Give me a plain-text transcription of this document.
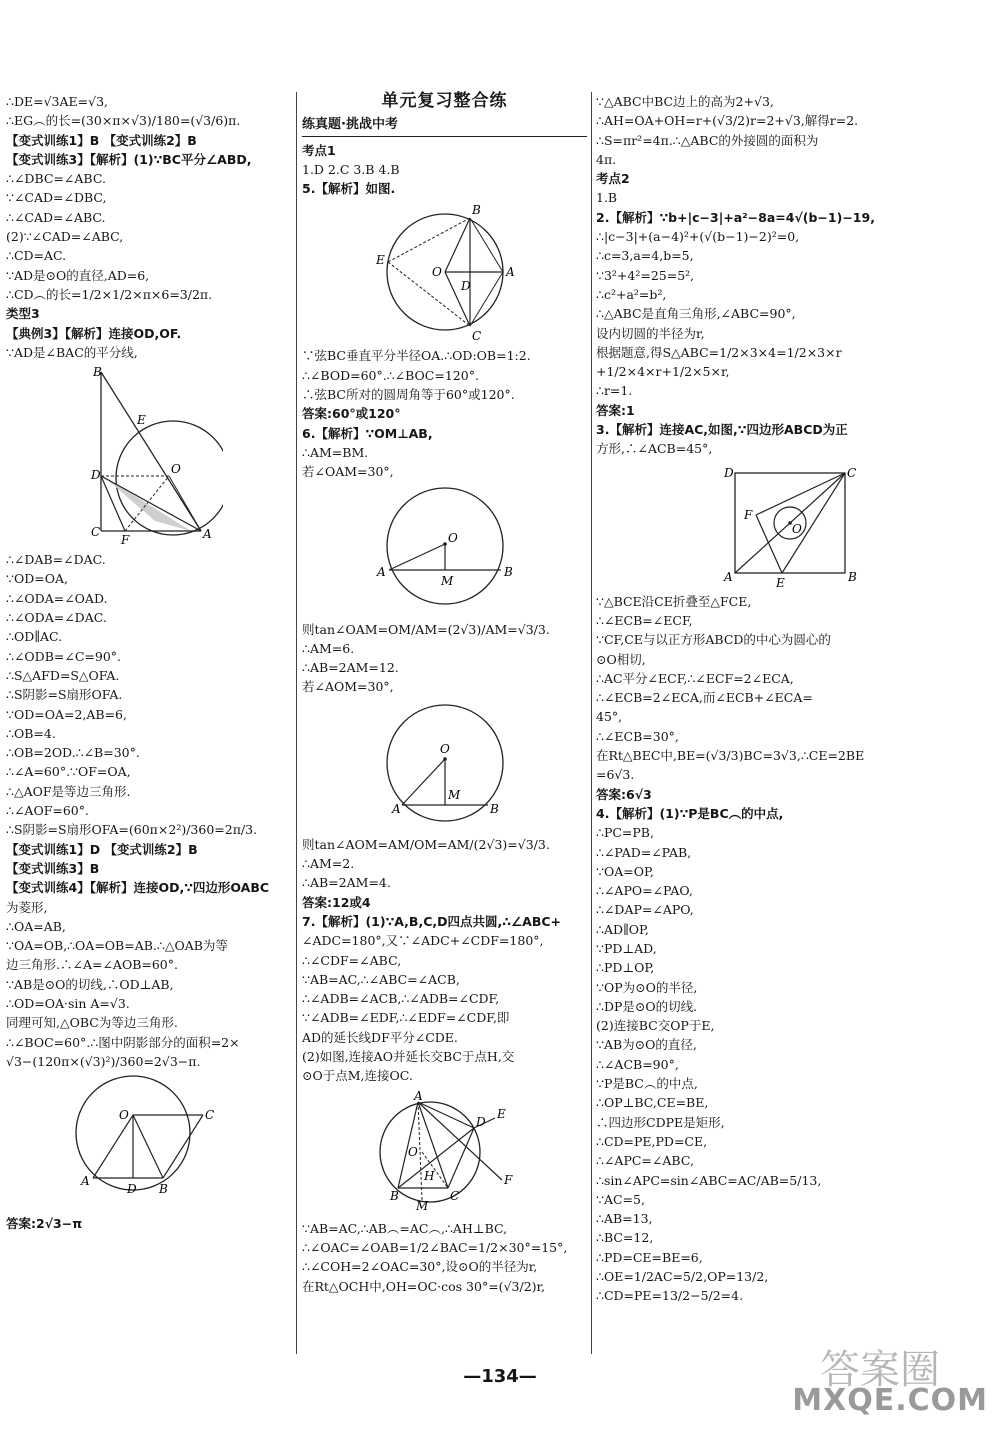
∴DE=√3AE=√3,
∴EG︵的长=(30×π×√3)/180=(√3/6)π.
【变式训练1】B 【变式训练2】B
【变式训练3】【解析】(1)∵BC平分∠ABD,
∴∠DBC=∠ABC.
∵∠CAD=∠DBC,
∴∠CAD=∠ABC.
(2)∵∠CAD=∠ABC,
∴CD=AC.
∵AD是⊙O的直径,AD=6,
∴CD︵的长=1/2×1/2×π×6=3/2π.
类型3
【典例3】【解析】连接OD,OF.
∵AD是∠BAC的平分线,
B
E
D	O
C
F	A
∴∠DAB=∠DAC.
∵OD=OA,
∴∠ODA=∠OAD.
∴∠ODA=∠DAC.
∴OD∥AC.
∴∠ODB=∠C=90°.
∴S△AFD=S△OFA.
∴S阴影=S扇形OFA.
∵OD=OA=2,AB=6,
∴OB=4.
∴OB=2OD.∴∠B=30°.
∴∠A=60°.∵OF=OA,
∴△AOF是等边三角形.
∴∠AOF=60°.
∴S阴影=S扇形OFA=(60π×2²)/360=2π/3.
【变式训练1】D 【变式训练2】B
【变式训练3】B
【变式训练4】【解析】连接OD,∵四边形OABC
为菱形,
∴OA=AB,
∵OA=OB,∴OA=OB=AB.∴△OAB为等
边三角形.∴∠A=∠AOB=60°.
∵AB是⊙O的切线,∴OD⊥AB,
∴OD=OA·sin A=√3.
同理可知,△OBC为等边三角形.
∴∠BOC=60°.∴图中阴影部分的面积=2×
√3−(120π×(√3)²)/360=2√3−π.
O	C
A
D B
答案:2√3−π
单元复习整合练
练真题·挑战中考
考点1
1.D 2.C 3.B 4.B
5.【解析】如图.
B
E
O
D
A
C
∵弦BC垂直平分半径OA.∴OD:OB=1:2.
∴∠BOD=60°.∴∠BOC=120°.
∴弦BC所对的圆周角等于60°或120°.
答案:60°或120°
6.【解析】∵OM⊥AB,
∴AM=BM.
若∠OAM=30°,
O
A
M
B
则tan∠OAM=OM/AM=(2√3)/AM=√3/3.
∴AM=6.
∴AB=2AM=12.
若∠AOM=30°,
O
A
M
B
则tan∠AOM=AM/OM=AM/(2√3)=√3/3.
∴AM=2.
∴AB=2AM=4.
答案:12或4
7.【解析】(1)∵A,B,C,D四点共圆,∴∠ABC+
∠ADC=180°,又∵∠ADC+∠CDF=180°,
∴∠CDF=∠ABC,
∵AB=AC,∴∠ABC=∠ACB,
∴∠ADB=∠ACB,∴∠ADB=∠CDF,
∵∠ADB=∠EDF,∴∠EDF=∠CDF,即
AD的延长线DF平分∠CDE.
(2)如图,连接AO并延长交BC于点H,交
⊙O于点M,连接OC.
A
D
E
F
O
H
B
M
C
∵AB=AC,∴AB︵=AC︵,∴AH⊥BC,
∴∠OAC=∠OAB=1/2∠BAC=1/2×30°=15°,
∴∠COH=2∠OAC=30°,设⊙O的半径为r,
在Rt△OCH中,OH=OC·cos 30°=(√3/2)r,
∵△ABC中BC边上的高为2+√3,
∴AH=OA+OH=r+(√3/2)r=2+√3,解得r=2.
∴S=πr²=4π.∴△ABC的外接圆的面积为
4π.
考点2
1.B
2.【解析】∵b+|c−3|+a²−8a=4√(b−1)−19,
∴|c−3|+(a−4)²+(√(b−1)−2)²=0,
∴c=3,a=4,b=5,
∵3²+4²=25=5²,
∴c²+a²=b²,
∴△ABC是直角三角形,∠ABC=90°,
设内切圆的半径为r,
根据题意,得S△ABC=1/2×3×4=1/2×3×r
+1/2×4×r+1/2×5×r,
∴r=1.
答案:1
3.【解析】连接AC,如图,∵四边形ABCD为正
方形,∴∠ACB=45°,
D	C
F
O
A	E	B
∵△BCE沿CE折叠至△FCE,
∴∠ECB=∠ECF,
∵CF,CE与以正方形ABCD的中心为圆心的
⊙O相切,
∴AC平分∠ECF,∴∠ECF=2∠ECA,
∴∠ECB=2∠ECA,而∠ECB+∠ECA=
45°,
∴∠ECB=30°,
在Rt△BEC中,BE=(√3/3)BC=3√3,∴CE=2BE
=6√3.
答案:6√3
4.【解析】(1)∵P是BC︵的中点,
∴PC=PB,
∴∠PAD=∠PAB,
∵OA=OP,
∴∠APO=∠PAO,
∴∠DAP=∠APO,
∴AD∥OP,
∵PD⊥AD,
∴PD⊥OP,
∵OP为⊙O的半径,
∴DP是⊙O的切线.
(2)连接BC交OP于E,
∵AB为⊙O的直径,
∴∠ACB=90°,
∵P是BC︵的中点,
∴OP⊥BC,CE=BE,
∴四边形CDPE是矩形,
∴CD=PE,PD=CE,
∴∠APC=∠ABC,
∴sin∠APC=sin∠ABC=AC/AB=5/13,
∵AC=5,
∴AB=13,
∴BC=12,
∴PD=CE=BE=6,
∴OE=1/2AC=5/2,OP=13/2,
∴CD=PE=13/2−5/2=4.
—134—	答案圈
MXQE.COM
